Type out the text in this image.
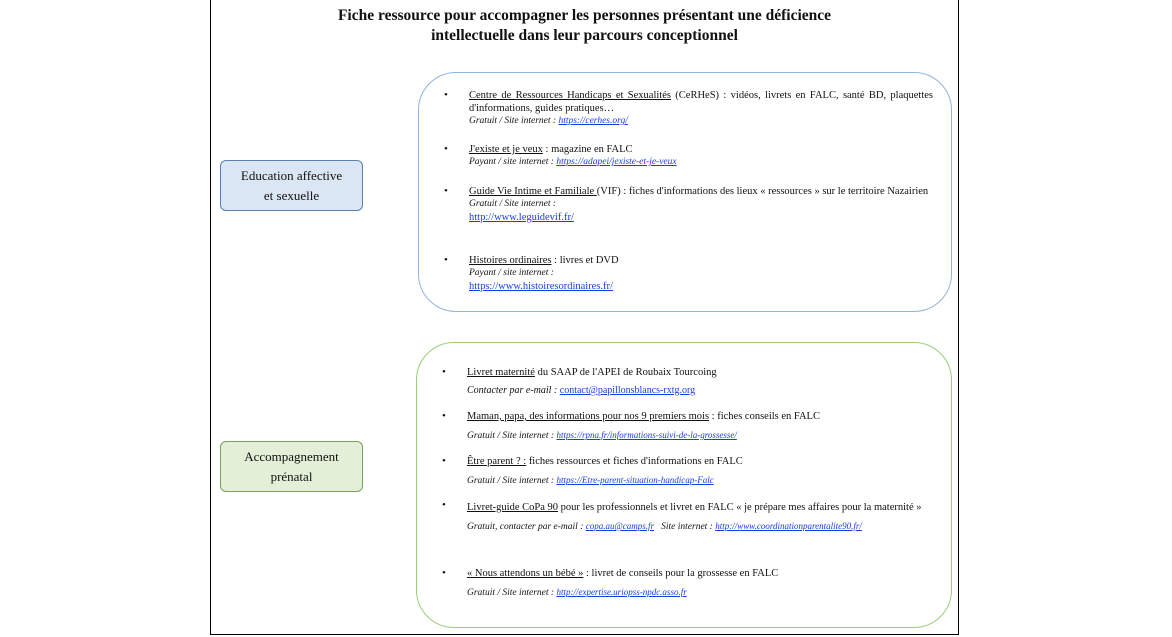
Fiche ressource pour accompagner les personnes présentant une déficience
intellectuelle dans leur parcours conceptionnel
Education affective et sexuelle
• Centre de Ressources Handicaps et Sexualités (CeRHeS) : vidéos, livrets en FALC, santé BD, plaquettes d'informations, guides pratiques…
Gratuit / Site internet : https://cerhes.org/
• J'existe et je veux : magazine en FALC
Payant / site internet : https://adapei/jexiste-et-je-veux
• Guide Vie Intime et Familiale (VIF) : fiches d'informations des lieux « ressources » sur le territoire Nazairien
Gratuit / Site internet :
http://www.leguidevif.fr/
• Histoires ordinaires : livres et DVD
Payant / site internet :
https://www.histoiresordinaires.fr/
Accompagnement prénatal
• Livret maternité du SAAP de l'APEI de Roubaix Tourcoing
Contacter par e-mail : contact@papillonsblancs-rxtg.org
• Maman, papa, des informations pour nos 9 premiers mois : fiches conseils en FALC
Gratuit / Site internet : https://rpna.fr/informations-suivi-de-la-grossesse/
• Être parent ? : fiches ressources et fiches d'informations en FALC
Gratuit / Site internet : https://Etre-parent-situation-handicap-Falc
• Livret-guide CoPa 90 pour les professionnels et livret en FALC « je prépare mes affaires pour la maternité »
Gratuit, contacter par e-mail : copa.au@camps.fr Site internet : http://www.coordinationparentalite90.fr/
• « Nous attendons un bébé » : livret de conseils pour la grossesse en FALC
Gratuit / Site internet : http://expertise.uriopss-npdc.asso.fr
